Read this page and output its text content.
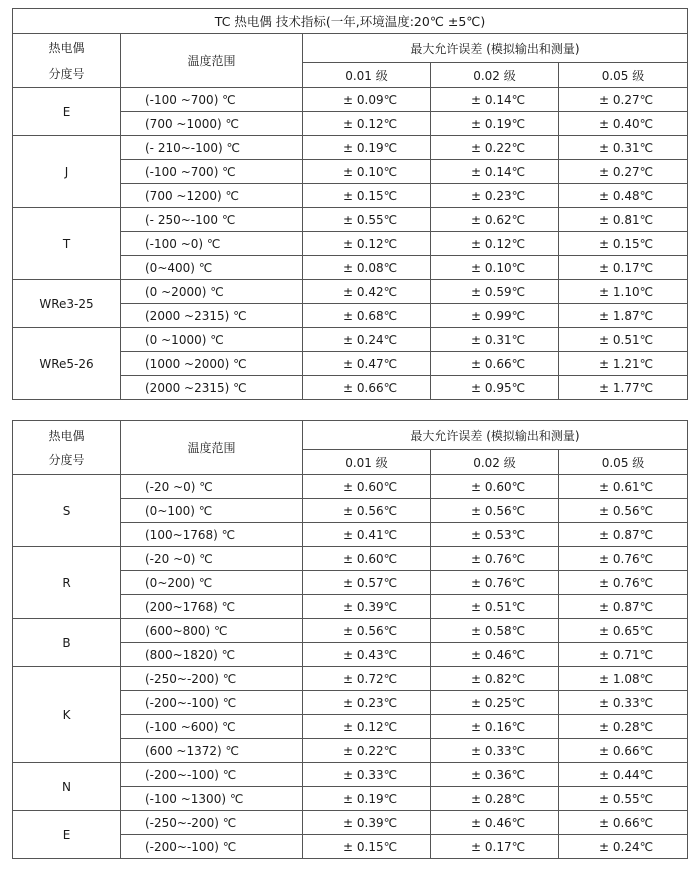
TC 热电偶 技术指标(一年,环境温度:20℃ ±5℃)				

热电偶
分度号	温度范围	最大允许误差 (模拟输出和测量)		
		0.01 级	0.02 级	0.05 级
E	(-100 ~700) ℃	± 0.09℃	± 0.14℃	± 0.27℃
	(700 ~1000) ℃	± 0.12℃	± 0.19℃	± 0.40℃
J	(- 210~-100) ℃	± 0.19℃	± 0.22℃	± 0.31℃
	(-100 ~700) ℃	± 0.10℃	± 0.14℃	± 0.27℃
	(700 ~1200) ℃	± 0.15℃	± 0.23℃	± 0.48℃
T	(- 250~-100 ℃	± 0.55℃	± 0.62℃	± 0.81℃
	(-100 ~0) ℃	± 0.12℃	± 0.12℃	± 0.15℃
	(0~400) ℃	± 0.08℃	± 0.10℃	± 0.17℃
WRe3-25	(0 ~2000) ℃	± 0.42℃	± 0.59℃	± 1.10℃
	(2000 ~2315) ℃	± 0.68℃	± 0.99℃	± 1.87℃
WRe5-26	(0 ~1000) ℃	± 0.24℃	± 0.31℃	± 0.51℃
	(1000 ~2000) ℃	± 0.47℃	± 0.66℃	± 1.21℃
	(2000 ~2315) ℃	± 0.66℃	± 0.95℃	± 1.77℃
热电偶
分度号	温度范围	最大允许误差 (模拟输出和测量)		
		0.01 级	0.02 级	0.05 级
S	(-20 ~0) ℃	± 0.60℃	± 0.60℃	± 0.61℃
	(0~100) ℃	± 0.56℃	± 0.56℃	± 0.56℃
	(100~1768) ℃	± 0.41℃	± 0.53℃	± 0.87℃
R	(-20 ~0) ℃	± 0.60℃	± 0.76℃	± 0.76℃
	(0~200) ℃	± 0.57℃	± 0.76℃	± 0.76℃
	(200~1768) ℃	± 0.39℃	± 0.51℃	± 0.87℃
B	(600~800) ℃	± 0.56℃	± 0.58℃	± 0.65℃
	(800~1820) ℃	± 0.43℃	± 0.46℃	± 0.71℃
K	(-250~-200) ℃	± 0.72℃	± 0.82℃	± 1.08℃
	(-200~-100) ℃	± 0.23℃	± 0.25℃	± 0.33℃
	(-100 ~600) ℃	± 0.12℃	± 0.16℃	± 0.28℃
	(600 ~1372) ℃	± 0.22℃	± 0.33℃	± 0.66℃
N	(-200~-100) ℃	± 0.33℃	± 0.36℃	± 0.44℃
	(-100 ~1300) ℃	± 0.19℃	± 0.28℃	± 0.55℃
E	(-250~-200) ℃	± 0.39℃	± 0.46℃	± 0.66℃
	(-200~-100) ℃	± 0.15℃	± 0.17℃	± 0.24℃
